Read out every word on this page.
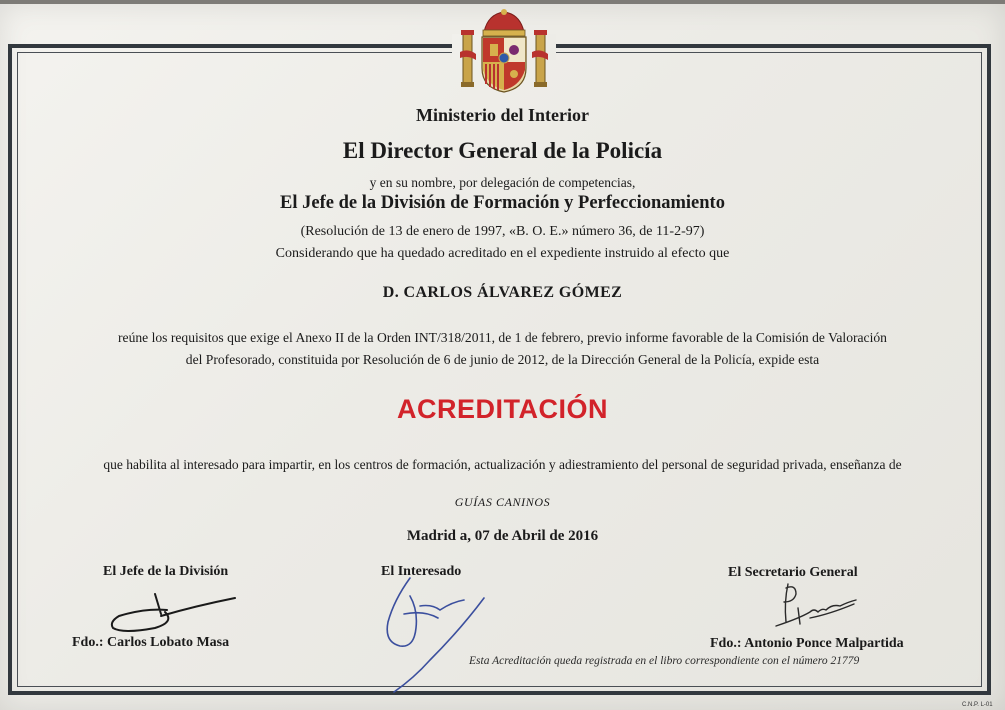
Ministerio del Interior
El Director General de la Policía
y en su nombre, por delegación de competencias,
El Jefe de la División de Formación y Perfeccionamiento
(Resolución de 13 de enero de 1997, «B. O. E.» número 36, de 11-2-97)
Considerando que ha quedado acreditado en el expediente instruido al efecto que
D. CARLOS ÁLVAREZ GÓMEZ
reúne los requisitos que exige el Anexo II de la Orden INT/318/2011, de 1 de febrero, previo informe favorable de la Comisión de Valoración
del Profesorado, constituida por Resolución de 6 de junio de 2012, de la Dirección General de la Policía, expide esta
ACREDITACIÓN
que habilita al interesado para impartir, en los centros de formación, actualización y adiestramiento del personal de seguridad privada, enseñanza de
GUÍAS CANINOS
Madrid a, 07 de Abril de 2016
El Jefe de la División	El Interesado	El Secretario General
Fdo.: Carlos Lobato Masa	Fdo.: Antonio Ponce Malpartida
Esta Acreditación queda registrada en el libro correspondiente con el número 21779
C.N.P. L-01
